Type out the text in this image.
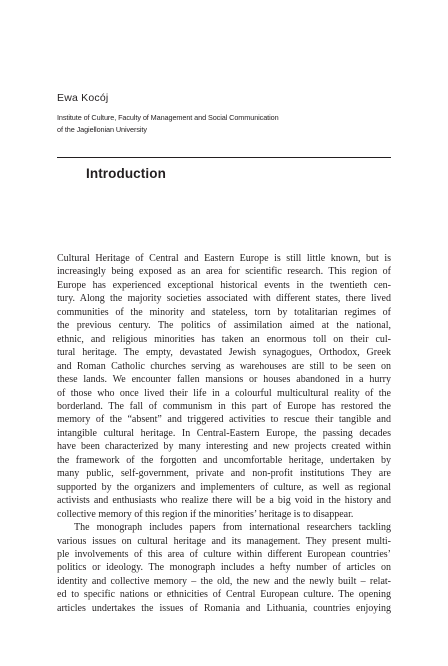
Ewa Kocój
Institute of Culture, Faculty of Management and Social Communication
of the Jagiellonian University
Introduction

Cultural Heritage of Central and Eastern Europe is still little known, but is

increasingly being exposed as an area for scientific research. This region of

Europe has experienced exceptional historical events in the twentieth cen-

tury. Along the majority societies associated with different states, there lived

communities of the minority and stateless, torn by totalitarian regimes of

the previous century. The politics of assimilation aimed at the national,

ethnic, and religious minorities has taken an enormous toll on their cul-

tural heritage. The empty, devastated Jewish synagogues, Orthodox, Greek

and Roman Catholic churches serving as warehouses are still to be seen on

these lands. We encounter fallen mansions or houses abandoned in a hurry

of those who once lived their life in a colourful multicultural reality of the

borderland. The fall of communism in this part of Europe has restored the

memory of the “absent” and triggered activities to rescue their tangible and

intangible cultural heritage. In Central-Eastern Europe, the passing decades

have been characterized by many interesting and new projects created within

the framework of the forgotten and uncomfortable heritage, undertaken by

many public, self-government, private and non-profit institutions They are

supported by the organizers and implementers of culture, as well as regional

activists and enthusiasts who realize there will be a big void in the history and

collective memory of this region if the minorities’ heritage is to disappear.

The monograph includes papers from international researchers tackling

various issues on cultural heritage and its management. They present multi-

ple involvements of this area of culture within different European countries’

politics or ideology. The monograph includes a hefty number of articles on

identity and collective memory – the old, the new and the newly built – relat-

ed to specific nations or ethnicities of Central European culture. The opening

articles undertakes the issues of Romania and Lithuania, countries enjoying
